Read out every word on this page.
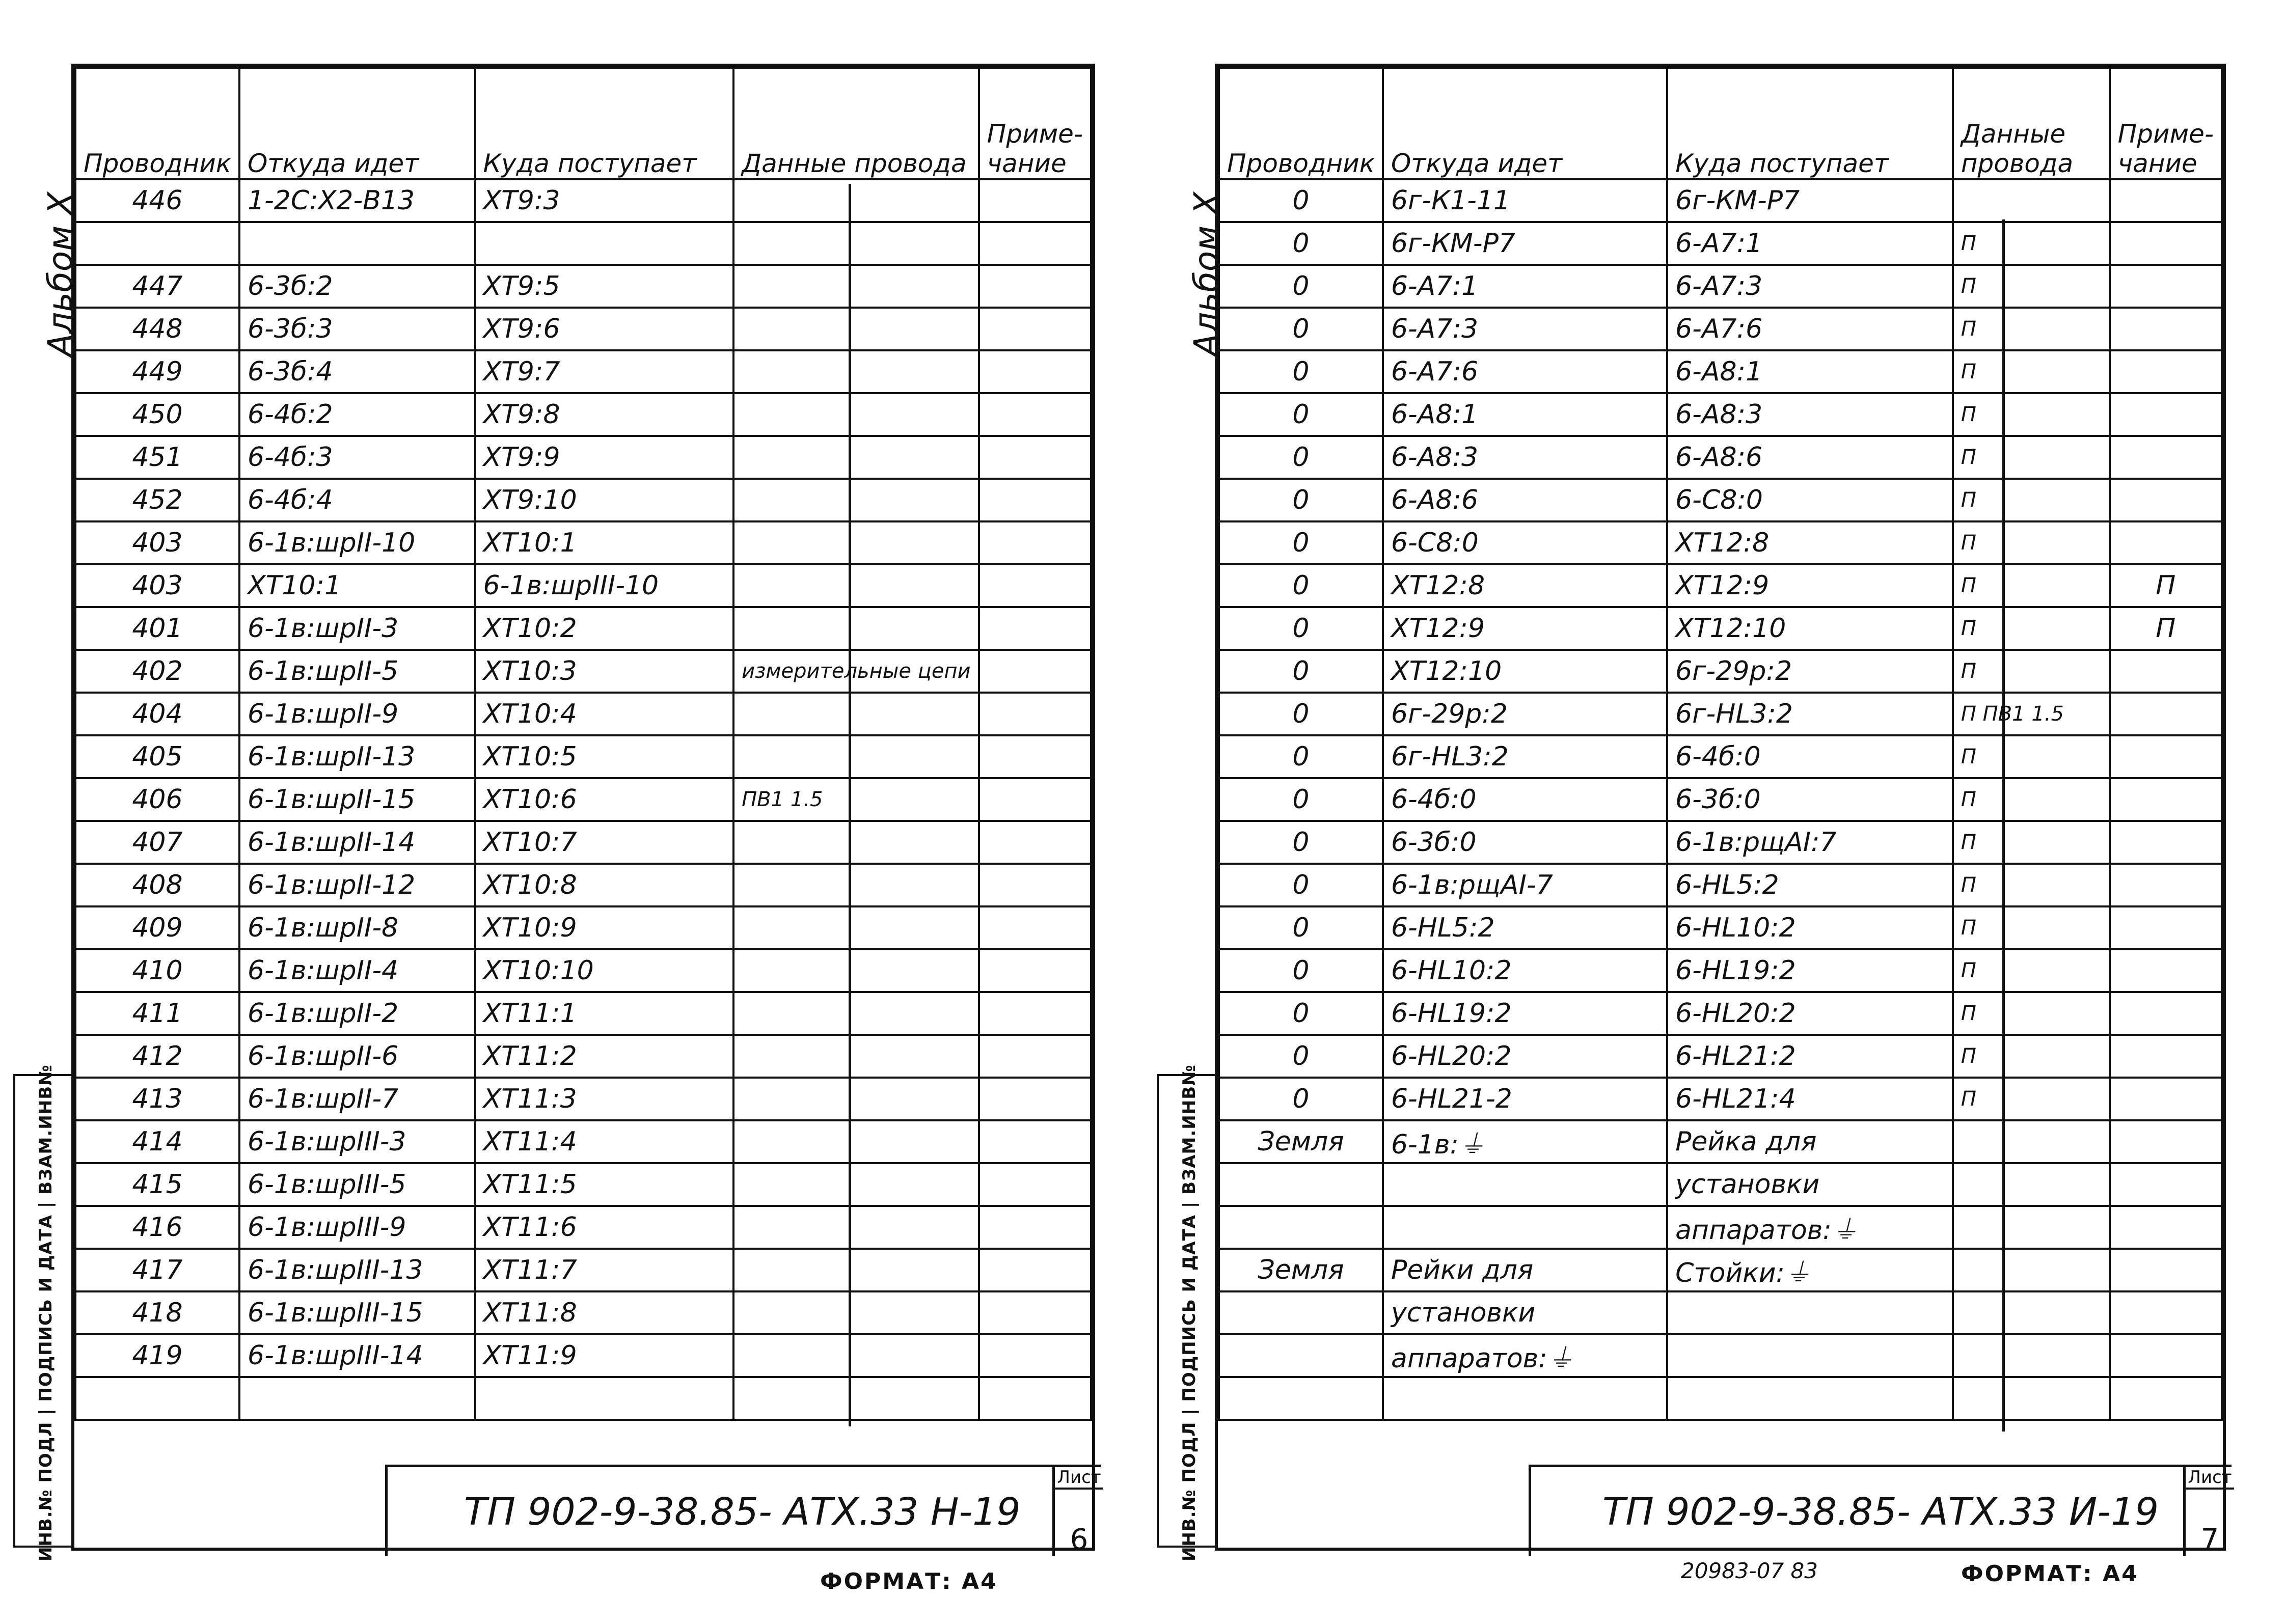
Проводник	Откуда идет	Куда поступает	Данные провода	Приме-чание
446	1-2С:Х2-В13	ХТ9:3		

447	6-3б:2	ХТ9:5		
448	6-3б:3	ХТ9:6		
449	6-3б:4	ХТ9:7		
450	6-4б:2	ХТ9:8		
451	6-4б:3	ХТ9:9		
452	6-4б:4	ХТ9:10		
403	6-1в:шрII-10	ХТ10:1		
403	ХТ10:1	6-1в:шрIII-10		
401	6-1в:шрII-3	ХТ10:2		
402	6-1в:шрII-5	ХТ10:3	измерительные цепи	
404	6-1в:шрII-9	ХТ10:4		
405	6-1в:шрII-13	ХТ10:5		
406	6-1в:шрII-15	ХТ10:6	ПВ1 1.5	
407	6-1в:шрII-14	ХТ10:7		
408	6-1в:шрII-12	ХТ10:8		
409	6-1в:шрII-8	ХТ10:9		
410	6-1в:шрII-4	ХТ10:10		
411	6-1в:шрII-2	ХТ11:1		
412	6-1в:шрII-6	ХТ11:2		
413	6-1в:шрII-7	ХТ11:3		
414	6-1в:шрIII-3	ХТ11:4		
415	6-1в:шрIII-5	ХТ11:5		
416	6-1в:шрIII-9	ХТ11:6		
417	6-1в:шрIII-13	ХТ11:7		
418	6-1в:шрIII-15	ХТ11:8		
419	6-1в:шрIII-14	ХТ11:9		

ТП 902-9-38.85- АТХ.33 Н-19
Лист
6
ИНВ.№ ПОДЛ | ПОДПИСЬ И ДАТА | ВЗАМ.ИНВ№
Альбом X
ФОРМАТ: А4
Проводник	Откуда идет	Куда поступает	Данные провода	Приме-чание
0	6г-К1-11	6г-КМ-Р7		
0	6г-КМ-Р7	6-А7:1	П	
0	6-А7:1	6-А7:3	П	
0	6-А7:3	6-А7:6	П	
0	6-А7:6	6-А8:1	П	
0	6-А8:1	6-А8:3	П	
0	6-А8:3	6-А8:6	П	
0	6-А8:6	6-С8:0	П	
0	6-С8:0	ХТ12:8	П	
0	ХТ12:8	ХТ12:9	П	П
0	ХТ12:9	ХТ12:10	П	П
0	ХТ12:10	6г-29р:2	П	
0	6г-29р:2	6г-HL3:2	П ПВ1 1.5	
0	6г-HL3:2	6-4б:0	П	
0	6-4б:0	6-3б:0	П	
0	6-3б:0	6-1в:рщАI:7	П	
0	6-1в:рщАI-7	6-HL5:2	П	
0	6-HL5:2	6-HL10:2	П	
0	6-HL10:2	6-HL19:2	П	
0	6-HL19:2	6-HL20:2	П	
0	6-HL20:2	6-HL21:2	П	
0	6-HL21-2	6-HL21:4	П	
Земля	6-1в:⏚	Рейка для		
		установки		
		аппаратов:⏚		
Земля	Рейки для	Стойки:⏚		
	установки			
	аппаратов:⏚			

ТП 902-9-38.85- АТХ.33 И-19
Лист
7
ИНВ.№ ПОДЛ | ПОДПИСЬ И ДАТА | ВЗАМ.ИНВ№
Альбом X
20983-07 83	ФОРМАТ: А4
